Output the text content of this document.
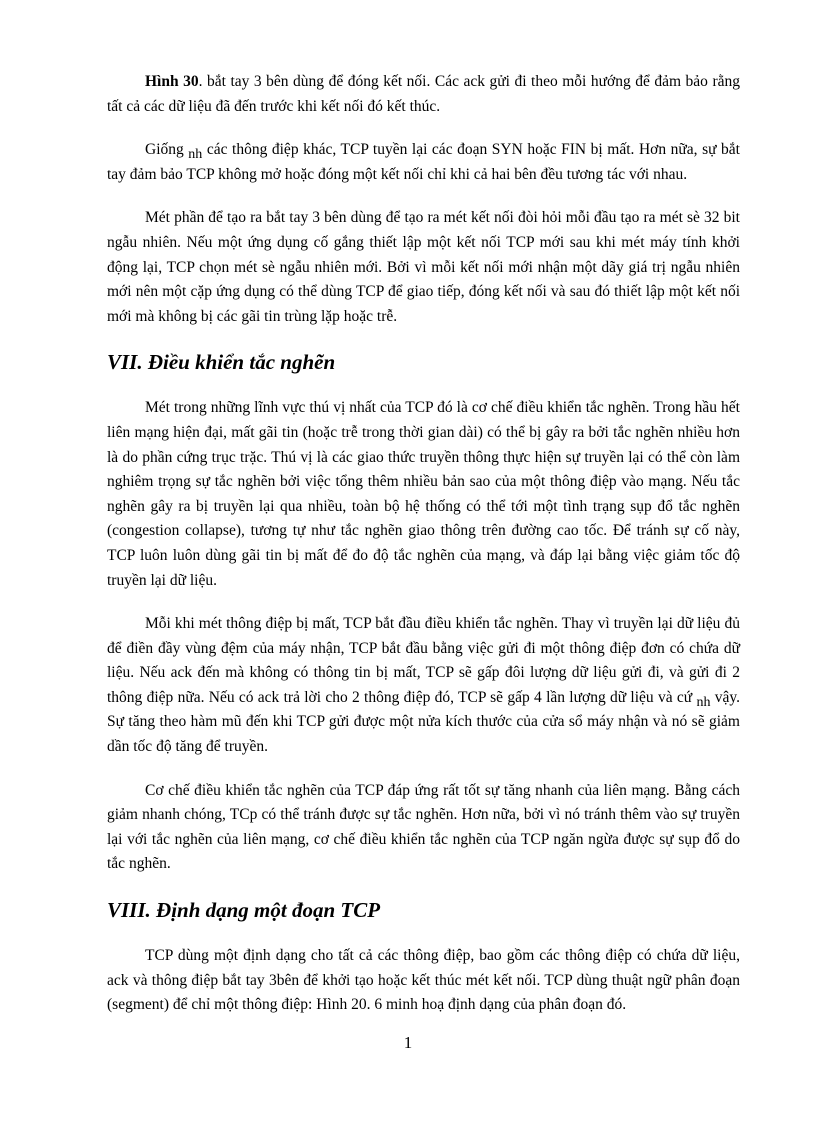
Hình 30. bắt tay 3 bên dùng để đóng kết nối. Các ack gửi đi theo mỗi hướng để đảm bảo rằng tất cả các dữ liệu đã đến trước khi kết nối đó kết thúc.

Giống nh các thông điệp khác, TCP tuyền lại các đoạn SYN hoặc FIN bị mất. Hơn nữa, sự bắt tay đảm bảo TCP không mở hoặc đóng một kết nối chỉ khi cả hai bên đều tương tác với nhau.

Mét phần để tạo ra bắt tay 3 bên dùng để tạo ra mét kết nối đòi hỏi mỗi đầu tạo ra mét sè 32 bit ngẫu nhiên. Nếu một ứng dụng cố gắng thiết lập một kết nối TCP mới sau khi mét máy tính khởi động lại, TCP chọn mét sè ngẫu nhiên mới. Bởi vì mỗi kết nối mới nhận một dãy giá trị ngẫu nhiên mới nên một cặp ứng dụng có thể dùng TCP để giao tiếp, đóng kết nối và sau đó thiết lập một kết nối mới mà không bị các gãi tin trùng lặp hoặc trễ.

VII. Điều khiển tắc nghẽn

Mét trong những lĩnh vực thú vị nhất của TCP đó là cơ chế điều khiển tắc nghẽn. Trong hầu hết liên mạng hiện đại, mất gãi tin (hoặc trễ trong thời gian dài) có thể bị gây ra bởi tắc nghẽn nhiều hơn là do phần cứng trục trặc. Thú vị là các giao thức truyền thông thực hiện sự truyền lại có thể còn làm nghiêm trọng sự tắc nghẽn bởi việc tổng thêm nhiều bản sao của một thông điệp vào mạng. Nếu tắc nghẽn gây ra bị truyền lại qua nhiều, toàn bộ hệ thống có thể tới một tình trạng sụp đổ tắc nghẽn (congestion collapse), tương tự như tắc nghẽn giao thông trên đường cao tốc. Để tránh sự cố này, TCP luôn luôn dùng gãi tin bị mất để đo độ tắc nghẽn của mạng, và đáp lại bằng việc giảm tốc độ truyền lại dữ liệu.

Mỗi khi mét thông điệp bị mất, TCP bắt đầu điều khiển tắc nghẽn. Thay vì truyền lại dữ liệu đủ để điền đầy vùng đệm của máy nhận, TCP bắt đầu bằng việc gửi đi một thông điệp đơn có chứa dữ liệu. Nếu ack đến mà không có thông tin bị mất, TCP sẽ gấp đôi lượng dữ liệu gửi đi, và gửi đi 2 thông điệp nữa. Nếu có ack trả lời cho 2 thông điệp đó, TCP sẽ gấp 4 lần lượng dữ liệu và cứ nh vậy. Sự tăng theo hàm mũ đến khi TCP gửi được một nửa kích thước của cửa sổ máy nhận và nó sẽ giảm dần tốc độ tăng để truyền.

Cơ chế điều khiển tắc nghẽn của TCP đáp ứng rất tốt sự tăng nhanh của liên mạng. Bằng cách giảm nhanh chóng, TCp có thể tránh được sự tắc nghẽn. Hơn nữa, bởi vì nó tránh thêm vào sự truyền lại với tắc nghẽn của liên mạng, cơ chế điều khiển tắc nghẽn của TCP ngăn ngừa được sự sụp đổ do tắc nghẽn.

VIII. Định dạng một đoạn TCP

TCP dùng một định dạng cho tất cả các thông điệp, bao gồm các thông điệp có chứa dữ liệu, ack và thông điệp bắt tay 3bên để khởi tạo hoặc kết thúc mét kết nối. TCP dùng thuật ngữ phân đoạn (segment) để chỉ một thông điệp: Hình 20. 6 minh hoạ định dạng của phân đoạn đó.

1
